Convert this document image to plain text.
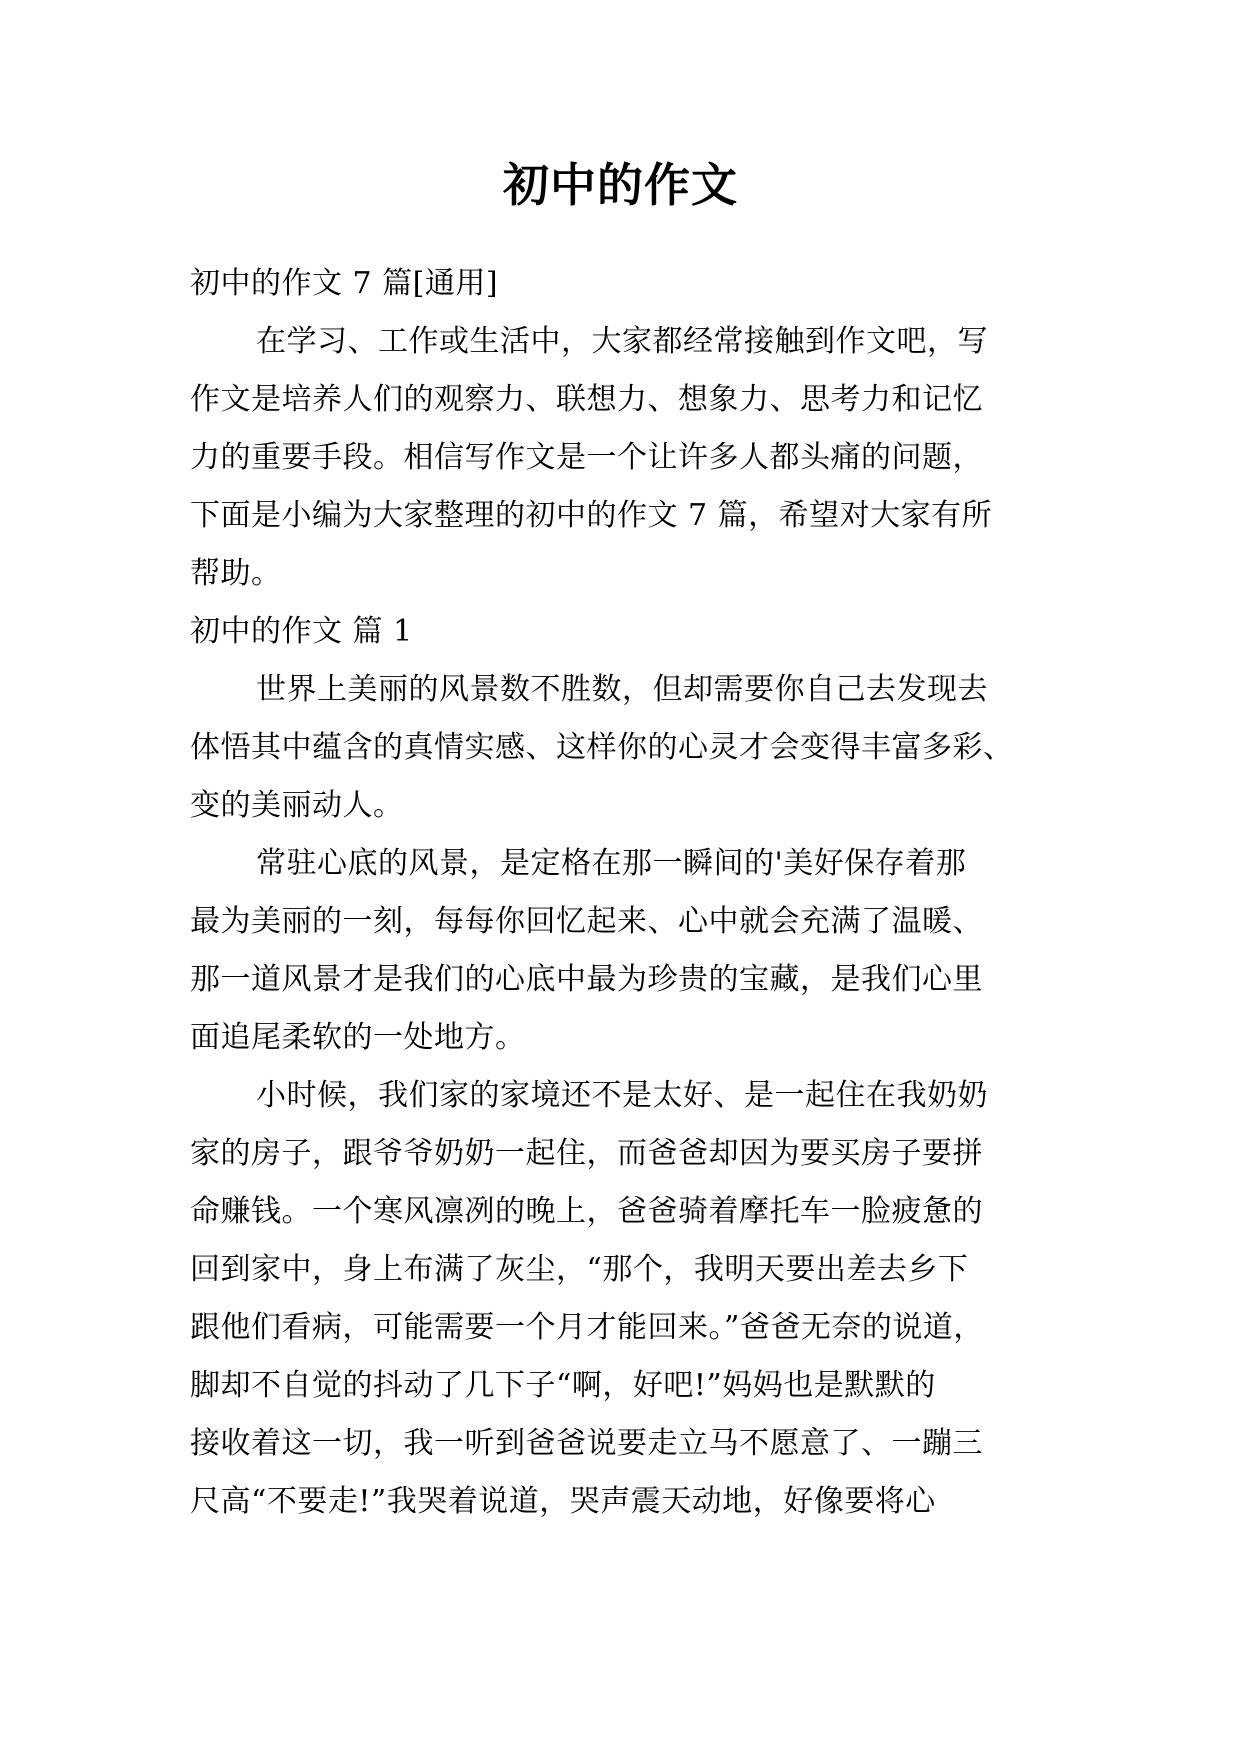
初中的作文
初中的作文 7 篇[通用]
在学习、工作或生活中，大家都经常接触到作文吧，写
作文是培养人们的观察力、联想力、想象力、思考力和记忆
力的重要手段。相信写作文是一个让许多人都头痛的问题，
下面是小编为大家整理的初中的作文 7 篇，希望对大家有所
帮助。
初中的作文 篇 1
世界上美丽的风景数不胜数，但却需要你自己去发现去
体悟其中蕴含的真情实感、这样你的心灵才会变得丰富多彩、
变的美丽动人。
常驻心底的风景，是定格在那一瞬间的'美好保存着那
最为美丽的一刻，每每你回忆起来、心中就会充满了温暖、
那一道风景才是我们的心底中最为珍贵的宝藏，是我们心里
面追尾柔软的一处地方。
小时候，我们家的家境还不是太好、是一起住在我奶奶
家的房子，跟爷爷奶奶一起住，而爸爸却因为要买房子要拼
命赚钱。一个寒风凛冽的晚上，爸爸骑着摩托车一脸疲惫的
回到家中，身上布满了灰尘，“那个，我明天要出差去乡下
跟他们看病，可能需要一个月才能回来。”爸爸无奈的说道，
脚却不自觉的抖动了几下子“啊，好吧!”妈妈也是默默的
接收着这一切，我一听到爸爸说要走立马不愿意了、一蹦三
尺高“不要走!”我哭着说道，哭声震天动地，好像要将心
